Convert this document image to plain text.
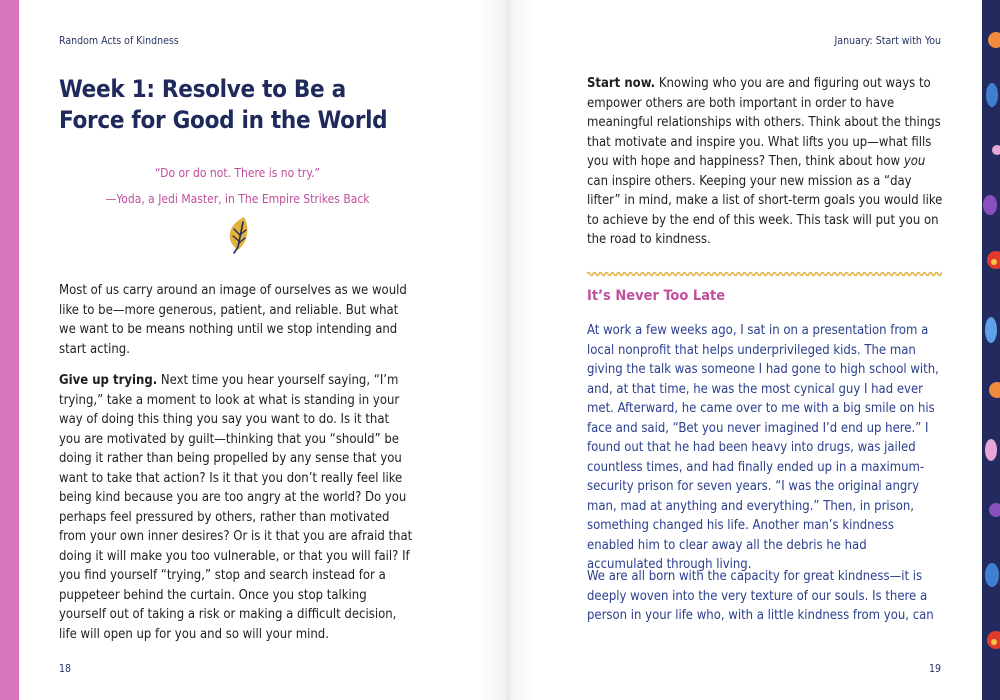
Random Acts of Kindness	January: Start with You
Week 1: Resolve to Be a Force for Good in the World
“Do or do not. There is no try.”
—Yoda, a Jedi Master, in The Empire Strikes Back

Most of us carry around an image of ourselves as we would like to be—more generous, patient, and reliable. But what we want to be means nothing until we stop intending and start acting.

Give up trying. Next time you hear yourself saying, “I’m trying,” take a moment to look at what is standing in your way of doing this thing you say you want to do. Is it that you are motivated by guilt—thinking that you “should” be doing it rather than being propelled by any sense that you want to take that action? Is it that you don’t really feel like being kind because you are too angry at the world? Do you perhaps feel pressured by others, rather than motivated from your own inner desires? Or is it that you are afraid that doing it will make you too vulnerable, or that you will fail? If you find yourself “trying,” stop and search instead for a puppeteer behind the curtain. Once you stop talking yourself out of taking a risk or making a difficult decision, life will open up for you and so will your mind.

Start now. Knowing who you are and figuring out ways to empower others are both important in order to have meaningful relationships with others. Think about the things that motivate and inspire you. What lifts you up—what fills you with hope and happiness? Then, think about how you can inspire others. Keeping your new mission as a “day lifter” in mind, make a list of short-term goals you would like to achieve by the end of this week. This task will put you on the road to kindness.

It’s Never Too Late

At work a few weeks ago, I sat in on a presentation from a local nonprofit that helps underprivileged kids. The man giving the talk was someone I had gone to high school with, and, at that time, he was the most cynical guy I had ever met. Afterward, he came over to me with a big smile on his face and said, “Bet you never imagined I’d end up here.” I found out that he had been heavy into drugs, was jailed countless times, and had finally ended up in a maximum-security prison for seven years. “I was the original angry man, mad at anything and everything.” Then, in prison, something changed his life. Another man’s kindness enabled him to clear away all the debris he had accumulated through living.

We are all born with the capacity for great kindness—it is deeply woven into the very texture of our souls. Is there a person in your life who, with a little kindness from you, can

18	19
